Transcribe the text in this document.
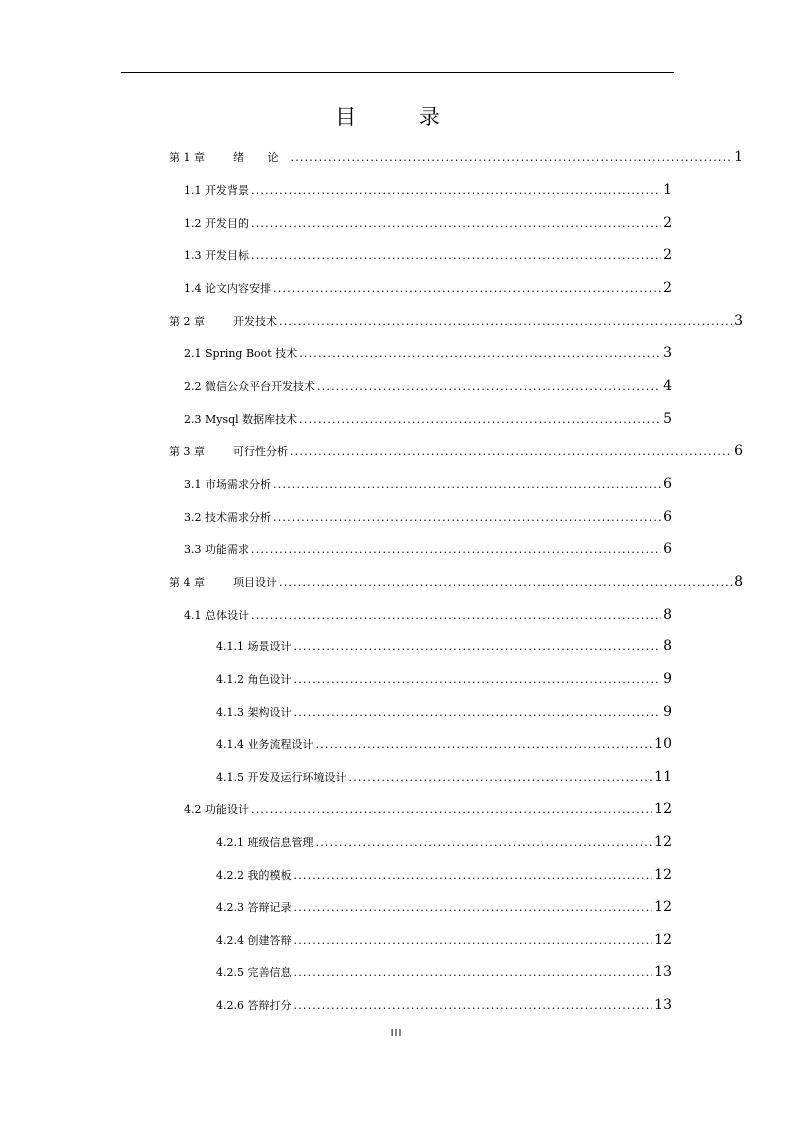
目 录
第 1 章	绪 论 .....	1
1.1 开发背景 .....	1
1.2 开发目的 .....	2
1.3 开发目标 .....	2
1.4 论文内容安排 .....	2
第 2 章	开发技术 .....	3
2.1 Spring Boot 技术 .....	3
2.2 微信公众平台开发技术 .....	4
2.3 Mysql 数据库技术 .....	5
第 3 章	可行性分析 .....	6
3.1 市场需求分析 .....	6
3.2 技术需求分析 .....	6
3.3 功能需求 .....	6
第 4 章	项目设计 .....	8
4.1 总体设计 .....	8
4.1.1 场景设计 .....	8
4.1.2 角色设计 .....	9
4.1.3 架构设计 .....	9
4.1.4 业务流程设计 .....	10
4.1.5 开发及运行环境设计 .....	11
4.2 功能设计 .....	12
4.2.1 班级信息管理 .....	12
4.2.2 我的模板 .....	12
4.2.3 答辩记录 .....	12
4.2.4 创建答辩 .....	12
4.2.5 完善信息 .....	13
4.2.6 答辩打分 .....	13
III
